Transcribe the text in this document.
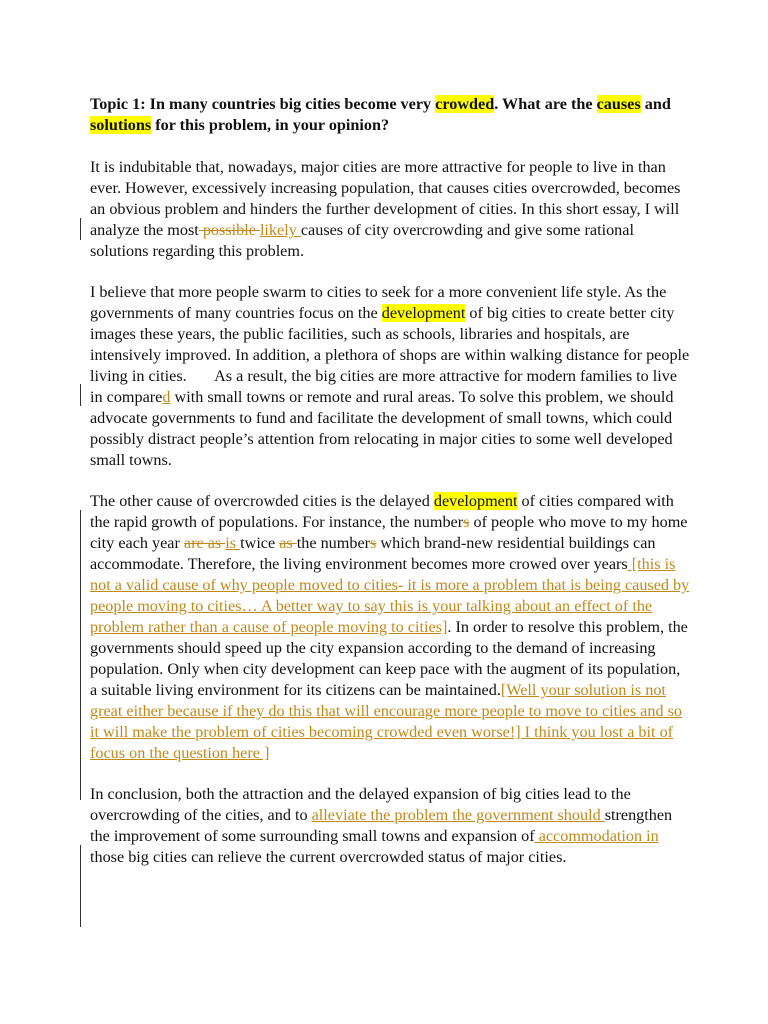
Topic 1: In many countries big cities become very crowded. What are the causes and solutions for this problem, in your opinion?

It is indubitable that, nowadays, major cities are more attractive for people to live in than ever. However, excessively increasing population, that causes cities overcrowded, becomes an obvious problem and hinders the further development of cities. In this short essay, I will analyze the most possible likely causes of city overcrowding and give some rational solutions regarding this problem.

I believe that more people swarm to cities to seek for a more convenient life style. As the governments of many countries focus on the development of big cities to create better city images these years, the public facilities, such as schools, libraries and hospitals, are intensively improved. In addition, a plethora of shops are within walking distance for people living in cities.       As a result, the big cities are more attractive for modern families to live in compared with small towns or remote and rural areas. To solve this problem, we should advocate governments to fund and facilitate the development of small towns, which could possibly distract people’s attention from relocating in major cities to some well developed small towns.

The other cause of overcrowded cities is the delayed development of cities compared with the rapid growth of populations. For instance, the numbers of people who move to my home city each year are as is twice as the numbers which brand-new residential buildings can accommodate. Therefore, the living environment becomes more crowed over years [this is not a valid cause of why people moved to cities- it is more a problem that is being caused by people moving to cities… A better way to say this is your talking about an effect of the problem rather than a cause of people moving to cities]. In order to resolve this problem, the governments should speed up the city expansion according to the demand of increasing population. Only when city development can keep pace with the augment of its population, a suitable living environment for its citizens can be maintained.[Well your solution is not great either because if they do this that will encourage more people to move to cities and so it will make the problem of cities becoming crowded even worse!] I think you lost a bit of focus on the question here ]

In conclusion, both the attraction and the delayed expansion of big cities lead to the overcrowding of the cities, and to alleviate the problem the government should strengthen the improvement of some surrounding small towns and expansion of accommodation in those big cities can relieve the current overcrowded status of major cities.
